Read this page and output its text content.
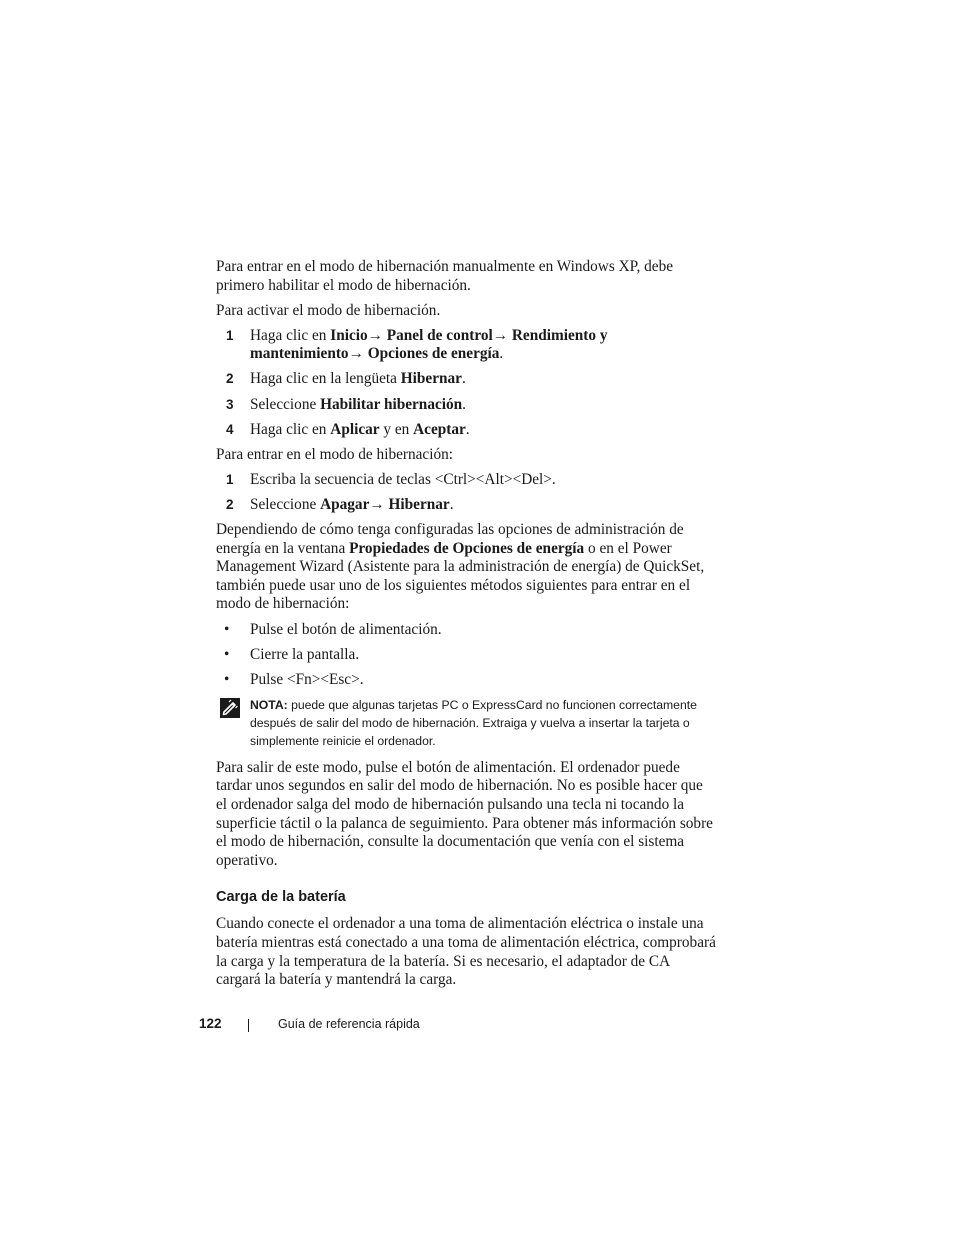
Para entrar en el modo de hibernación manualmente en Windows XP, debe primero habilitar el modo de hibernación.

Para activar el modo de hibernación.

1 Haga clic en Inicio→ Panel de control→ Rendimiento y mantenimiento→ Opciones de energía.
2 Haga clic en la lengüeta Hibernar.
3 Seleccione Habilitar hibernación.
4 Haga clic en Aplicar y en Aceptar.

Para entrar en el modo de hibernación:

1 Escriba la secuencia de teclas <Ctrl><Alt><Del>.
2 Seleccione Apagar→ Hibernar.

Dependiendo de cómo tenga configuradas las opciones de administración de energía en la ventana Propiedades de Opciones de energía o en el Power Management Wizard (Asistente para la administración de energía) de QuickSet, también puede usar uno de los siguientes métodos siguientes para entrar en el modo de hibernación:

• Pulse el botón de alimentación.
• Cierre la pantalla.
• Pulse <Fn><Esc>.
NOTA: puede que algunas tarjetas PC o ExpressCard no funcionen correctamente después de salir del modo de hibernación. Extraiga y vuelva a insertar la tarjeta o simplemente reinicie el ordenador.

Para salir de este modo, pulse el botón de alimentación. El ordenador puede tardar unos segundos en salir del modo de hibernación. No es posible hacer que el ordenador salga del modo de hibernación pulsando una tecla ni tocando la superficie táctil o la palanca de seguimiento. Para obtener más información sobre el modo de hibernación, consulte la documentación que venía con el sistema operativo.

Carga de la batería

Cuando conecte el ordenador a una toma de alimentación eléctrica o instale una batería mientras está conectado a una toma de alimentación eléctrica, comprobará la carga y la temperatura de la batería. Si es necesario, el adaptador de CA cargará la batería y mantendrá la carga.

122	Guía de referencia rápida
